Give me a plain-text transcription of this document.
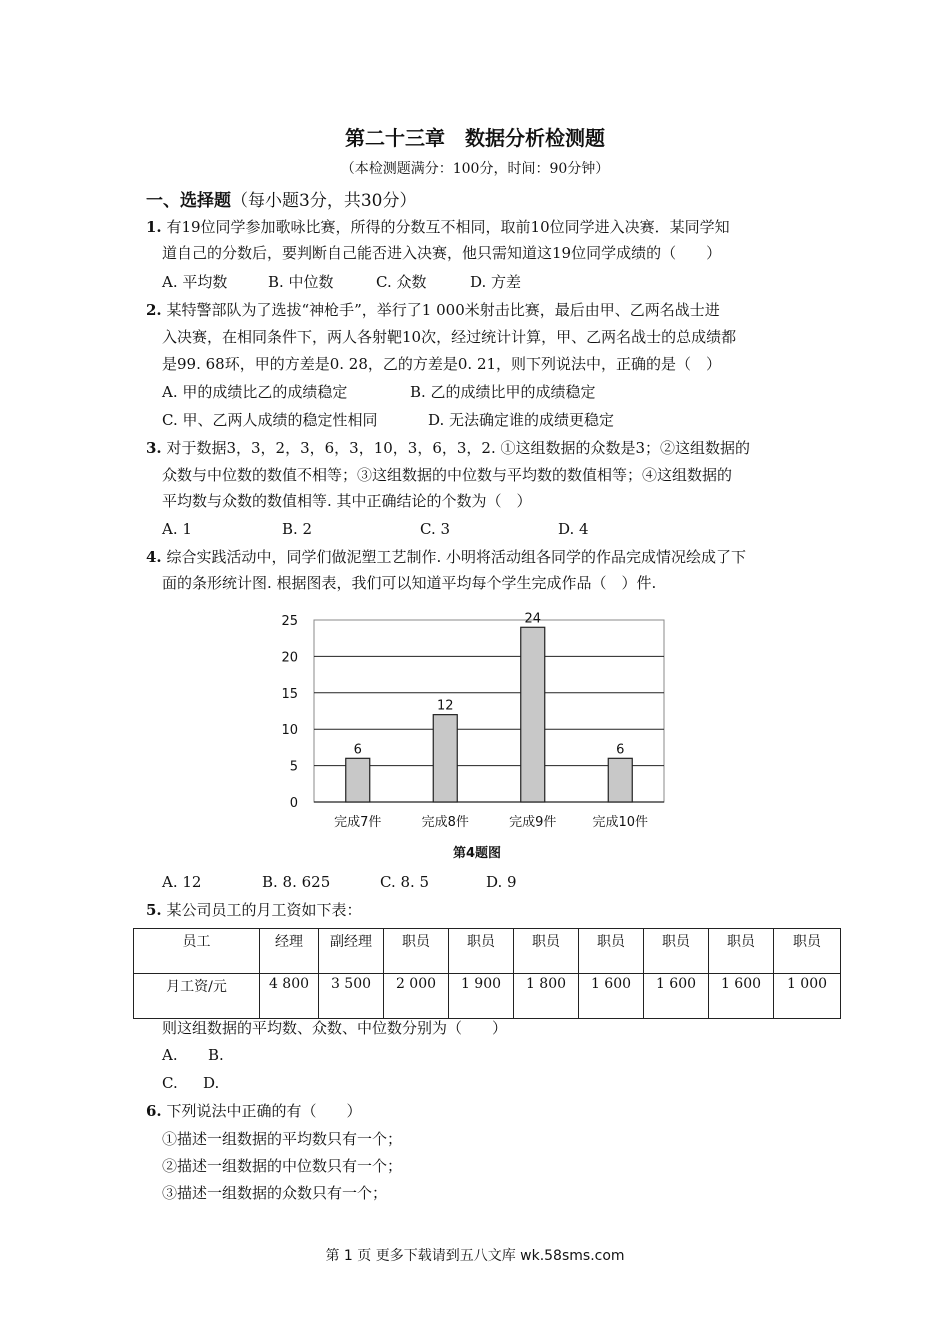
第二十三章　数据分析检测题
（本检测题满分：100分，时间：90分钟）
一、选择题（每小题3分，共30分）
1. 有19位同学参加歌咏比赛，所得的分数互不相同，取前10位同学进入决赛．某同学知
道自己的分数后，要判断自己能否进入决赛，他只需知道这19位同学成绩的（　　）
A. 平均数	B. 中位数	C. 众数	D. 方差
2. 某特警部队为了选拔“神枪手”，举行了1 000米射击比赛，最后由甲、乙两名战士进
入决赛，在相同条件下，两人各射靶10次，经过统计计算，甲、乙两名战士的总成绩都
是99. 68环，甲的方差是0. 28，乙的方差是0. 21，则下列说法中，正确的是（　）
A. 甲的成绩比乙的成绩稳定	B. 乙的成绩比甲的成绩稳定
C. 甲、乙两人成绩的稳定性相同	D. 无法确定谁的成绩更稳定
3. 对于数据3，3，2，3，6，3，10，3，6，3，2. ①这组数据的众数是3；②这组数据的
众数与中位数的数值不相等；③这组数据的中位数与平均数的数值相等；④这组数据的
平均数与众数的数值相等. 其中正确结论的个数为（　）
A. 1	B. 2	C. 3	D. 4
4. 综合实践活动中，同学们做泥塑工艺制作. 小明将活动组各同学的作品完成情况绘成了下
面的条形统计图. 根据图表，我们可以知道平均每个学生完成作品（　）件.
0
5
10
15
20
25
6
完成7件
12
完成8件
24
完成9件
6
完成10件
第4题图
A. 12	B. 8. 625	C. 8. 5	D. 9
5. 某公司员工的月工资如下表：
员工	经理	副经理	职员	职员	职员	职员	职员	职员	职员
月工资/元	4 800	3 500	2 000	1 900	1 800	1 600	1 600	1 600	1 000
则这组数据的平均数、众数、中位数分别为（　　）
A. B.
C. D.
6. 下列说法中正确的有（　　）
①描述一组数据的平均数只有一个；
②描述一组数据的中位数只有一个；
③描述一组数据的众数只有一个；
第 1 页 更多下载请到五八文库 wk.58sms.com
